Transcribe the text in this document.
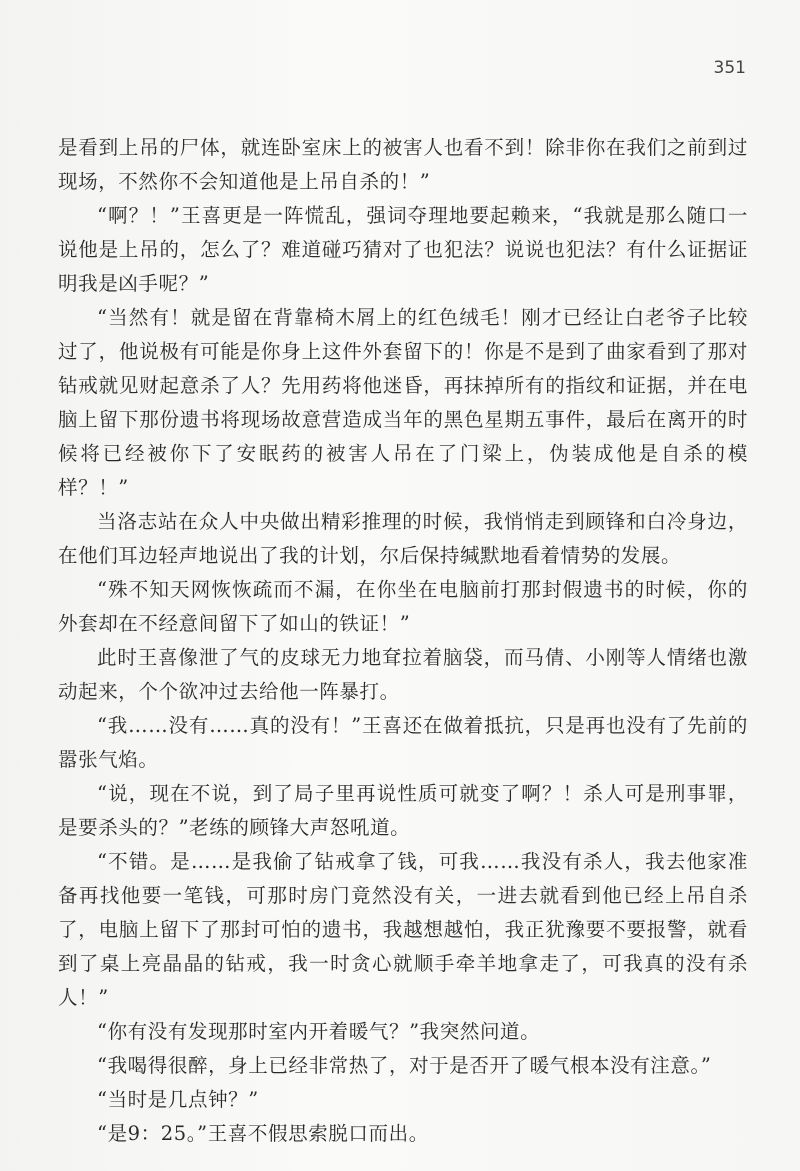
351

是看到上吊的尸体，就连卧室床上的被害人也看不到！除非你在我们之前到过现场，不然你不会知道他是上吊自杀的！”

“啊？！”王喜更是一阵慌乱，强词夺理地要起赖来，“我就是那么随口一说他是上吊的，怎么了？难道碰巧猜对了也犯法？说说也犯法？有什么证据证明我是凶手呢？”

“当然有！就是留在背靠椅木屑上的红色绒毛！刚才已经让白老爷子比较过了，他说极有可能是你身上这件外套留下的！你是不是到了曲家看到了那对钻戒就见财起意杀了人？先用药将他迷昏，再抹掉所有的指纹和证据，并在电脑上留下那份遗书将现场故意营造成当年的黑色星期五事件，最后在离开的时候将已经被你下了安眠药的被害人吊在了门梁上，伪装成他是自杀的模样？！”

当洛志站在众人中央做出精彩推理的时候，我悄悄走到顾锋和白冷身边，在他们耳边轻声地说出了我的计划，尔后保持缄默地看着情势的发展。

“殊不知天网恢恢疏而不漏，在你坐在电脑前打那封假遗书的时候，你的外套却在不经意间留下了如山的铁证！”

此时王喜像泄了气的皮球无力地耷拉着脑袋，而马倩、小刚等人情绪也激动起来，个个欲冲过去给他一阵暴打。

“我……没有……真的没有！”王喜还在做着抵抗，只是再也没有了先前的嚣张气焰。

“说，现在不说，到了局子里再说性质可就变了啊？！杀人可是刑事罪，是要杀头的？”老练的顾锋大声怒吼道。

“不错。是……是我偷了钻戒拿了钱，可我……我没有杀人，我去他家准备再找他要一笔钱，可那时房门竟然没有关，一进去就看到他已经上吊自杀了，电脑上留下了那封可怕的遗书，我越想越怕，我正犹豫要不要报警，就看到了桌上亮晶晶的钻戒，我一时贪心就顺手牵羊地拿走了，可我真的没有杀人！”

“你有没有发现那时室内开着暖气？”我突然问道。

“我喝得很醉，身上已经非常热了，对于是否开了暖气根本没有注意。”

“当时是几点钟？”

“是9：25。”王喜不假思索脱口而出。
